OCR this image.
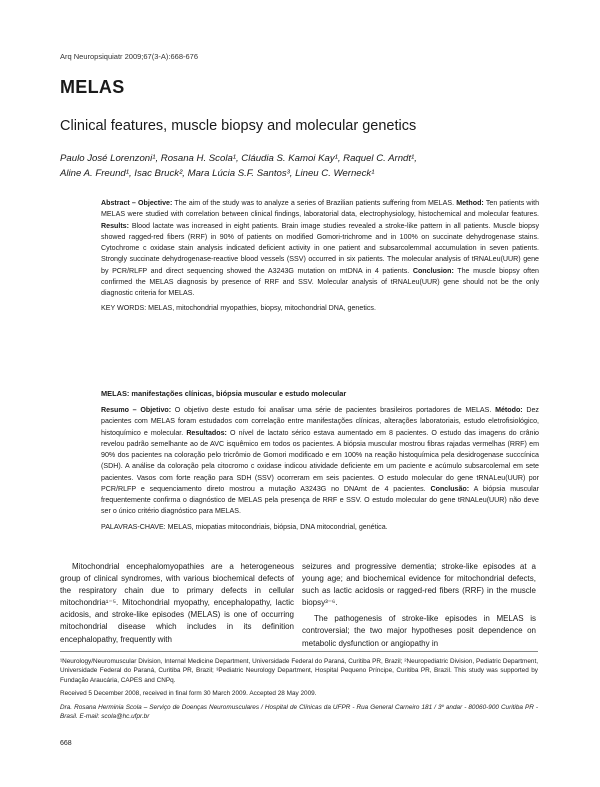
Arq Neuropsiquiatr 2009;67(3-A):668-676
MELAS
Clinical features, muscle biopsy and molecular genetics
Paulo José Lorenzoni¹, Rosana H. Scola¹, Cláudia S. Kamoi Kay¹, Raquel C. Arndt¹,
Aline A. Freund¹, Isac Bruck², Mara Lúcia S.F. Santos³, Lineu C. Werneck¹
Abstract – Objective: The aim of the study was to analyze a series of Brazilian patients suffering from MELAS. Method: Ten patients with MELAS were studied with correlation between clinical findings, laboratorial data, electrophysiology, histochemical and molecular features. Results: Blood lactate was increased in eight patients. Brain image studies revealed a stroke-like pattern in all patients. Muscle biopsy showed ragged-red fibers (RRF) in 90% of patients on modified Gomori-trichrome and in 100% on succinate dehydrogenase stains. Cytochrome c oxidase stain analysis indicated deficient activity in one patient and subsarcolemmal accumulation in seven patients. Strongly succinate dehydrogenase-reactive blood vessels (SSV) occurred in six patients. The molecular analysis of tRNALeu(UUR) gene by PCR/RLFP and direct sequencing showed the A3243G mutation on mtDNA in 4 patients. Conclusion: The muscle biopsy often confirmed the MELAS diagnosis by presence of RRF and SSV. Molecular analysis of tRNALeu(UUR) gene should not be the only diagnostic criteria for MELAS.
KEY WORDS: MELAS, mitochondrial myopathies, biopsy, mitochondrial DNA, genetics.
MELAS: manifestações clínicas, biópsia muscular e estudo molecular
Resumo – Objetivo: O objetivo deste estudo foi analisar uma série de pacientes brasileiros portadores de MELAS. Método: Dez pacientes com MELAS foram estudados com correlação entre manifestações clínicas, alterações laboratoriais, estudo eletrofisiológico, histoquímico e molecular. Resultados: O nível de lactato sérico estava aumentado em 8 pacientes. O estudo das imagens do crânio revelou padrão semelhante ao de AVC isquêmico em todos os pacientes. A biópsia muscular mostrou fibras rajadas vermelhas (RRF) em 90% dos pacientes na coloração pelo tricrômio de Gomori modificado e em 100% na reação histoquímica pela desidrogenase succcínica (SDH). A análise da coloração pela citocromo c oxidase indicou atividade deficiente em um paciente e acúmulo subsarcolemal em sete pacientes. Vasos com forte reação para SDH (SSV) ocorreram em seis pacientes. O estudo molecular do gene tRNALeu(UUR) por PCR/RLFP e sequenciamento direto mostrou a mutação A3243G no DNAmt de 4 pacientes. Conclusão: A biópsia muscular frequentemente confirma o diagnóstico de MELAS pela presença de RRF e SSV. O estudo molecular do gene tRNALeu(UUR) não deve ser o único critério diagnóstico para MELAS.
PALAVRAS-CHAVE: MELAS, miopatias mitocondriais, biópsia, DNA mitocondrial, genética.

Mitochondrial encephalomyopathies are a heterogeneous group of clinical syndromes, with various biochemical defects of the respiratory chain due to primary defects in cellular mitochondria¹⁻⁵. Mitochondrial myopathy, encephalopathy, lactic acidosis, and stroke-like episodes (MELAS) is one of occurring mitochondrial disease which includes in its definition encephalopathy, frequently with

seizures and progressive dementia; stroke-like episodes at a young age; and biochemical evidence for mitochondrial defects, such as lactic acidosis or ragged-red fibers (RRF) in the muscle biopsy³⁻⁶.

The pathogenesis of stroke-like episodes in MELAS is controversial; the two major hypotheses posit dependence on metabolic dysfunction or angiopathy in

¹Neurology/Neuromuscular Division, Internal Medicine Department, Universidade Federal do Paraná, Curitiba PR, Brazil; ²Neuropediatric Division, Pediatric Department, Universidade Federal do Paraná, Curitiba PR, Brazil; ³Pediatric Neurology Department, Hospital Pequeno Príncipe, Curitiba PR, Brazil. This study was supported by Fundação Araucária, CAPES and CNPq.
Received 5 December 2008, received in final form 30 March 2009. Accepted 28 May 2009.
Dra. Rosana Herminia Scola – Serviço de Doenças Neuromusculares / Hospital de Clínicas da UFPR - Rua General Carneiro 181 / 3º andar - 80060-900 Curitiba PR - Brasil. E-mail: scola@hc.ufpr.br
668
